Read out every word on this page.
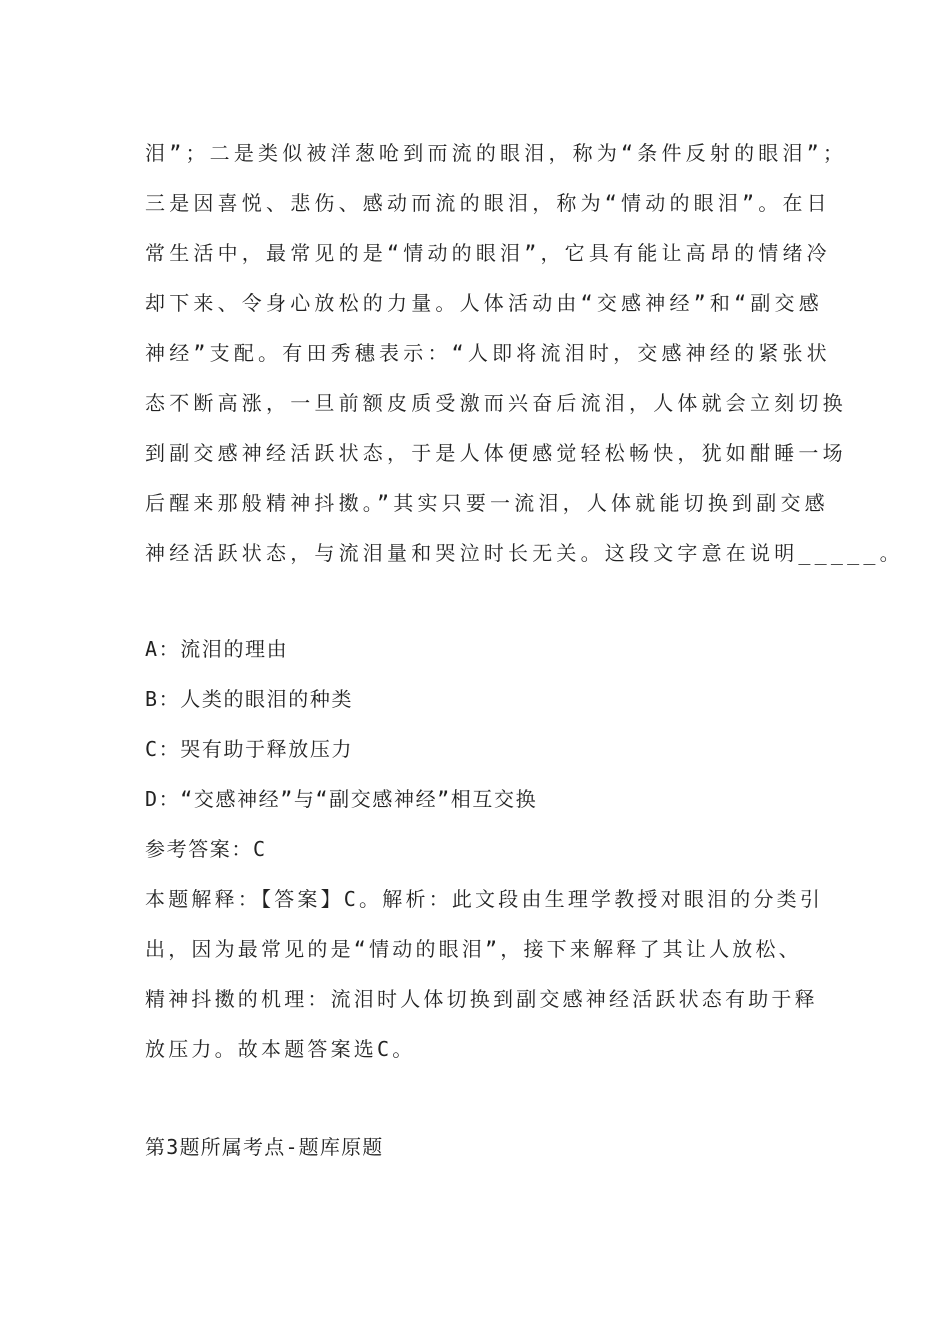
泪”；二是类似被洋葱呛到而流的眼泪，称为“条件反射的眼泪”；
三是因喜悦、悲伤、感动而流的眼泪，称为“情动的眼泪”。在日
常生活中，最常见的是“情动的眼泪”，它具有能让高昂的情绪冷
却下来、令身心放松的力量。人体活动由“交感神经”和“副交感
神经”支配。有田秀穗表示：“人即将流泪时，交感神经的紧张状
态不断高涨，一旦前额皮质受激而兴奋后流泪，人体就会立刻切换
到副交感神经活跃状态，于是人体便感觉轻松畅快，犹如酣睡一场
后醒来那般精神抖擞。”其实只要一流泪，人体就能切换到副交感
神经活跃状态，与流泪量和哭泣时长无关。这段文字意在说明_____。

A：流泪的理由
B：人类的眼泪的种类
C：哭有助于释放压力
D：“交感神经”与“副交感神经”相互交换

参考答案：C

本题解释：【答案】C。解析：此文段由生理学教授对眼泪的分类引
出，因为最常见的是“情动的眼泪”，接下来解释了其让人放松、
精神抖擞的机理：流泪时人体切换到副交感神经活跃状态有助于释
放压力。故本题答案选C。

第3题所属考点-题库原题
